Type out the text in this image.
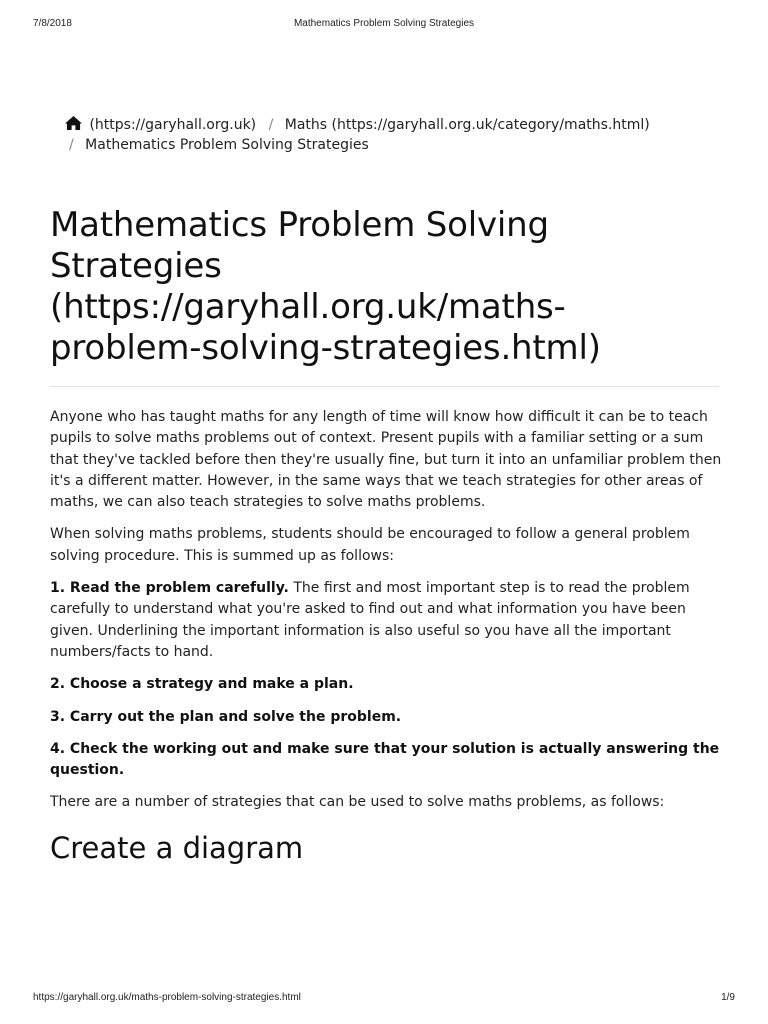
7/8/2018	Mathematics Problem Solving Strategies
(https://garyhall.org.uk) / Maths (https://garyhall.org.uk/category/maths.html)
/ Mathematics Problem Solving Strategies
Mathematics Problem Solving
Strategies
(https://garyhall.org.uk/maths-
problem-solving-strategies.html)

Anyone who has taught maths for any length of time will know how difficult it can be to teach pupils to solve maths problems out of context. Present pupils with a familiar setting or a sum that they've tackled before then they're usually fine, but turn it into an unfamiliar problem then it's a different matter. However, in the same ways that we teach strategies for other areas of maths, we can also teach strategies to solve maths problems.

When solving maths problems, students should be encouraged to follow a general problem solving procedure. This is summed up as follows:

1. Read the problem carefully. The first and most important step is to read the problem carefully to understand what you're asked to find out and what information you have been given. Underlining the important information is also useful so you have all the important numbers/facts to hand.

2. Choose a strategy and make a plan.

3. Carry out the plan and solve the problem.

4. Check the working out and make sure that your solution is actually answering the question.

There are a number of strategies that can be used to solve maths problems, as follows:

Create a diagram
https://garyhall.org.uk/maths-problem-solving-strategies.html	1/9
